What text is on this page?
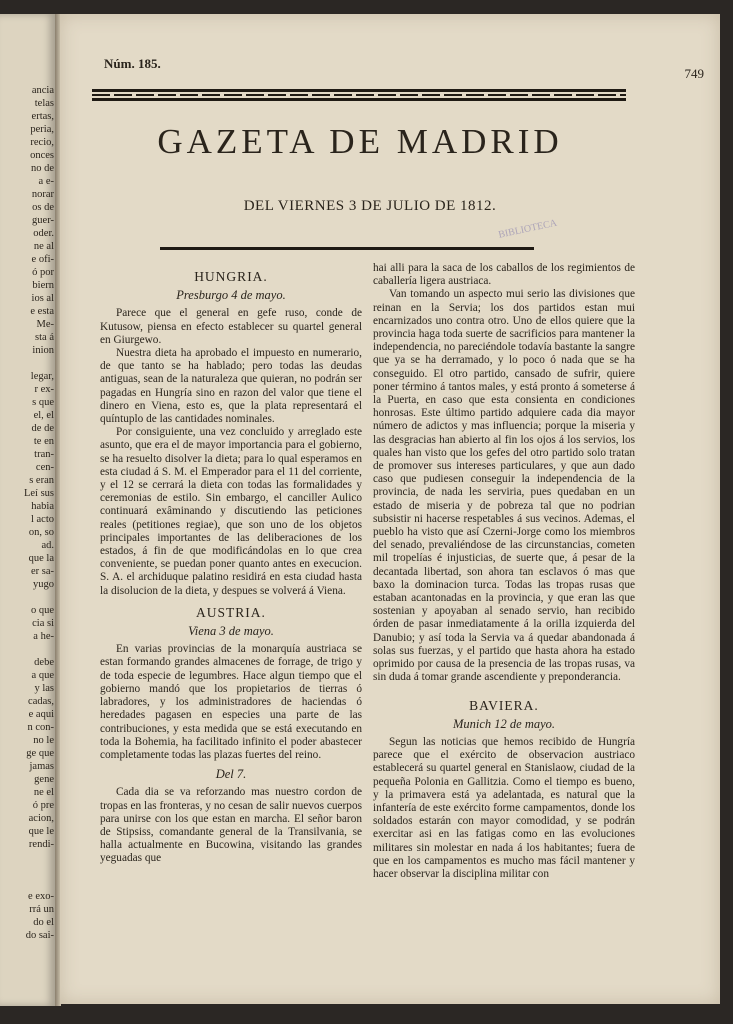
ancia
telas
ertas,
peria,
recio,
onces
no de
a e-
norar
os de
guer-
oder.
ne al
e ofi-
ó por
biern
ios al
e esta
Me-
sta á
inion
legar,
r ex-
s que
el, el
de de
te en
tran-
cen-
s eran
Leí sus
habia
l acto
on, so
ad.
que la
er sa-
yugo
o que
cia si
a he-
debe
a que
y las
cadas,
e aqui
n con-
no le
ge que
jamas
gene
ne el
ó pre
acion,
que le
rendi-
e exo-
rrá un
do el
do sai-
Núm. 185.
749
GAZETA DE MADRID
DEL VIERNES 3 DE JULIO DE 1812.
BIBLIOTECA
HUNGRIA.
Presburgo 4 de mayo.

Parece que el general en gefe ruso, conde de Kutusow, piensa en efecto establecer su quartel general en Giurgewo.

Nuestra dieta ha aprobado el impuesto en numerario, de que tanto se ha hablado; pero todas las deudas antiguas, sean de la naturaleza que quieran, no podrán ser pagadas en Hungría sino en razon del valor que tiene el dinero en Viena, esto es, que la plata representará el quíntuplo de las cantidades nominales.

Por consiguiente, una vez concluido y arreglado este asunto, que era el de mayor importancia para el gobierno, se ha resuelto disolver la dieta; para lo qual esperamos en esta ciudad á S. M. el Emperador para el 11 del corriente, y el 12 se cerrará la dieta con todas las formalidades y ceremonias de estilo. Sin embargo, el canciller Aulico continuará exâminando y discutiendo las peticiones reales (petitiones regiae), que son uno de los objetos principales importantes de las deliberaciones de los estados, á fin de que modificándolas en lo que crea conveniente, se puedan poner quanto antes en execucion. S. A. el archiduque palatino residirá en esta ciudad hasta la disolucion de la dieta, y despues se volverá á Viena.

AUSTRIA.
Viena 3 de mayo.

En varias provincias de la monarquía austriaca se estan formando grandes almacenes de forrage, de trigo y de toda especie de legumbres. Hace algun tiempo que el gobierno mandó que los propietarios de tierras ó labradores, y los administradores de haciendas ó heredades pagasen en especies una parte de las contribuciones, y esta medida que se está executando en toda la Bohemia, ha facilitado infinito el poder abastecer completamente todas las plazas fuertes del reino.

Del 7.

Cada dia se va reforzando mas nuestro cordon de tropas en las fronteras, y no cesan de salir nuevos cuerpos para unirse con los que estan en marcha. El señor baron de Stipsiss, comandante general de la Transilvania, se halla actualmente en Bucowina, visitando las grandes yeguadas que

hai alli para la saca de los caballos de los regimientos de caballería ligera austriaca.

Van tomando un aspecto mui serio las divisiones que reinan en la Servia; los dos partidos estan mui encarnizados uno contra otro. Uno de ellos quiere que la provincia haga toda suerte de sacrificios para mantener la independencia, no pareciéndole todavía bastante la sangre que ya se ha derramado, y lo poco ó nada que se ha conseguido. El otro partido, cansado de sufrir, quiere poner término á tantos males, y está pronto á someterse á la Puerta, en caso que esta consienta en condiciones honrosas. Este último partido adquiere cada dia mayor número de adictos y mas influencia; porque la miseria y las desgracias han abierto al fin los ojos á los servios, los quales han visto que los gefes del otro partido solo tratan de promover sus intereses particulares, y que aun dado caso que pudiesen conseguir la independencia de la provincia, de nada les serviria, pues quedaban en un estado de miseria y de pobreza tal que no podrian subsistir ni hacerse respetables á sus vecinos. Ademas, el pueblo ha visto que así Czerni-Jorge como los miembros del senado, prevaliéndose de las circunstancias, cometen mil tropelías é injusticias, de suerte que, á pesar de la decantada libertad, son ahora tan esclavos ó mas que baxo la dominacion turca. Todas las tropas rusas que estaban acantonadas en la provincia, y que eran las que sostenian y apoyaban al senado servio, han recibido órden de pasar inmediatamente á la orilla izquierda del Danubio; y así toda la Servia va á quedar abandonada á solas sus fuerzas, y el partido que hasta ahora ha estado oprimido por causa de la presencia de las tropas rusas, va sin duda á tomar grande ascendiente y preponderancia.

BAVIERA.
Munich 12 de mayo.

Segun las noticias que hemos recibido de Hungría parece que el exército de observacion austriaco establecerá su quartel general en Stanislaow, ciudad de la pequeña Polonia en Gallitzia. Como el tiempo es bueno, y la primavera está ya adelantada, es natural que la infantería de este exército forme campamentos, donde los soldados estarán con mayor comodidad, y se podrán exercitar asi en las fatigas como en las evoluciones militares sin molestar en nada á los habitantes; fuera de que en los campamentos es mucho mas fácil mantener y hacer observar la disciplina militar con
